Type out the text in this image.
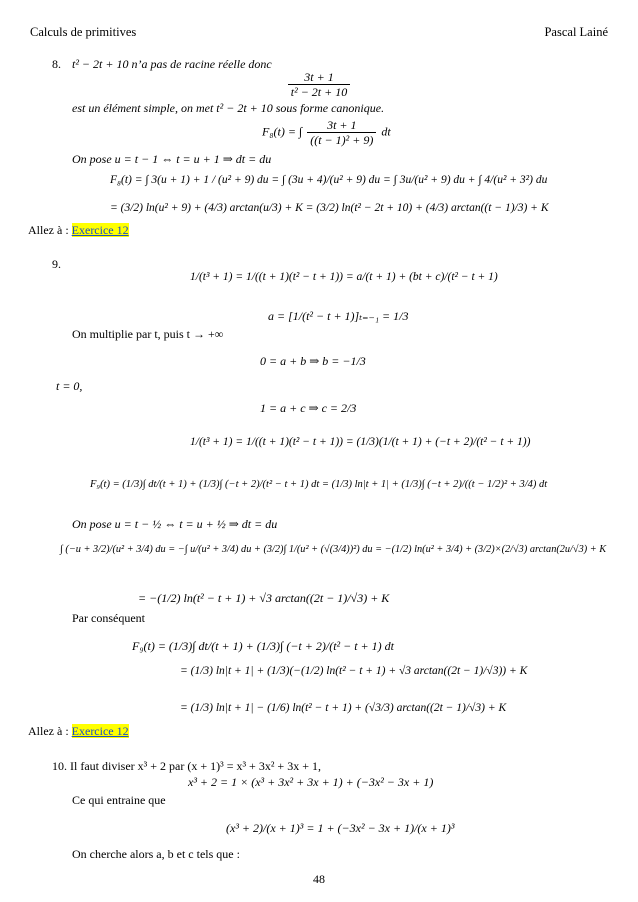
Calculs de primitives	Pascal Lainé
8. t² − 2t + 10 n’a pas de racine réelle donc
$\frac{3t + 1}{\text{t² − 2t + 10}}$
est un élément simple, on met t² − 2t + 10 sous forme canonique.
F₈(t) = ∫ $\frac{3t + 1}{\text{((t − 1)² + 9)}}$ dt
On pose u = t − 1 ⇔ t = u + 1 ⇒ dt = du
F₈(t) = ∫ 3(u + 1) + 1 / (u² + 9) du = ∫ (3u + 4)/(u² + 9) du = ∫ 3u/(u² + 9) du + ∫ 4/(u² + 3²) du
= (3/2) ln(u² + 9) + (4/3) arctan(u/3) + K = (3/2) ln(t² − 2t + 10) + (4/3) arctan((t − 1)/3) + K
Allez à : Exercice 12
9.
1/(t³ + 1) = 1/((t + 1)(t² − t + 1)) = a/(t + 1) + (bt + c)/(t² − t + 1)
a = [1/(t² − t + 1)]ₜ₌₋₁ = 1/3
On multiplie par t, puis t → +∞
0 = a + b ⇒ b = −1/3
t = 0,
1 = a + c ⇒ c = 2/3
1/(t³ + 1) = 1/((t + 1)(t² − t + 1)) = (1/3)(1/(t + 1) + (−t + 2)/(t² − t + 1))
F₉(t) = (1/3)∫ dt/(t + 1) + (1/3)∫ (−t + 2)/(t² − t + 1) dt = (1/3) ln|t + 1| + (1/3)∫ (−t + 2)/((t − 1/2)² + 3/4) dt
On pose u = t − ½ ⇔ t = u + ½ ⇒ dt = du
∫ (−u + 3/2)/(u² + 3/4) du = −∫ u/(u² + 3/4) du + (3/2)∫ 1/(u² + (√(3/4))²) du = −(1/2) ln(u² + 3/4) + (3/2)×(2/√3) arctan(2u/√3) + K
= −(1/2) ln(t² − t + 1) + √3 arctan((2t − 1)/√3) + K
Par conséquent
F₉(t) = (1/3)∫ dt/(t + 1) + (1/3)∫ (−t + 2)/(t² − t + 1) dt
= (1/3) ln|t + 1| + (1/3)(−(1/2) ln(t² − t + 1) + √3 arctan((2t − 1)/√3)) + K
= (1/3) ln|t + 1| − (1/6) ln(t² − t + 1) + (√3/3) arctan((2t − 1)/√3) + K
Allez à : Exercice 12
10. Il faut diviser x³ + 2 par (x + 1)³ = x³ + 3x² + 3x + 1,
x³ + 2 = 1 × (x³ + 3x² + 3x + 1) + (−3x² − 3x + 1)
Ce qui entraine que
(x³ + 2)/(x + 1)³ = 1 + (−3x² − 3x + 1)/(x + 1)³
On cherche alors a, b et c tels que :
48
